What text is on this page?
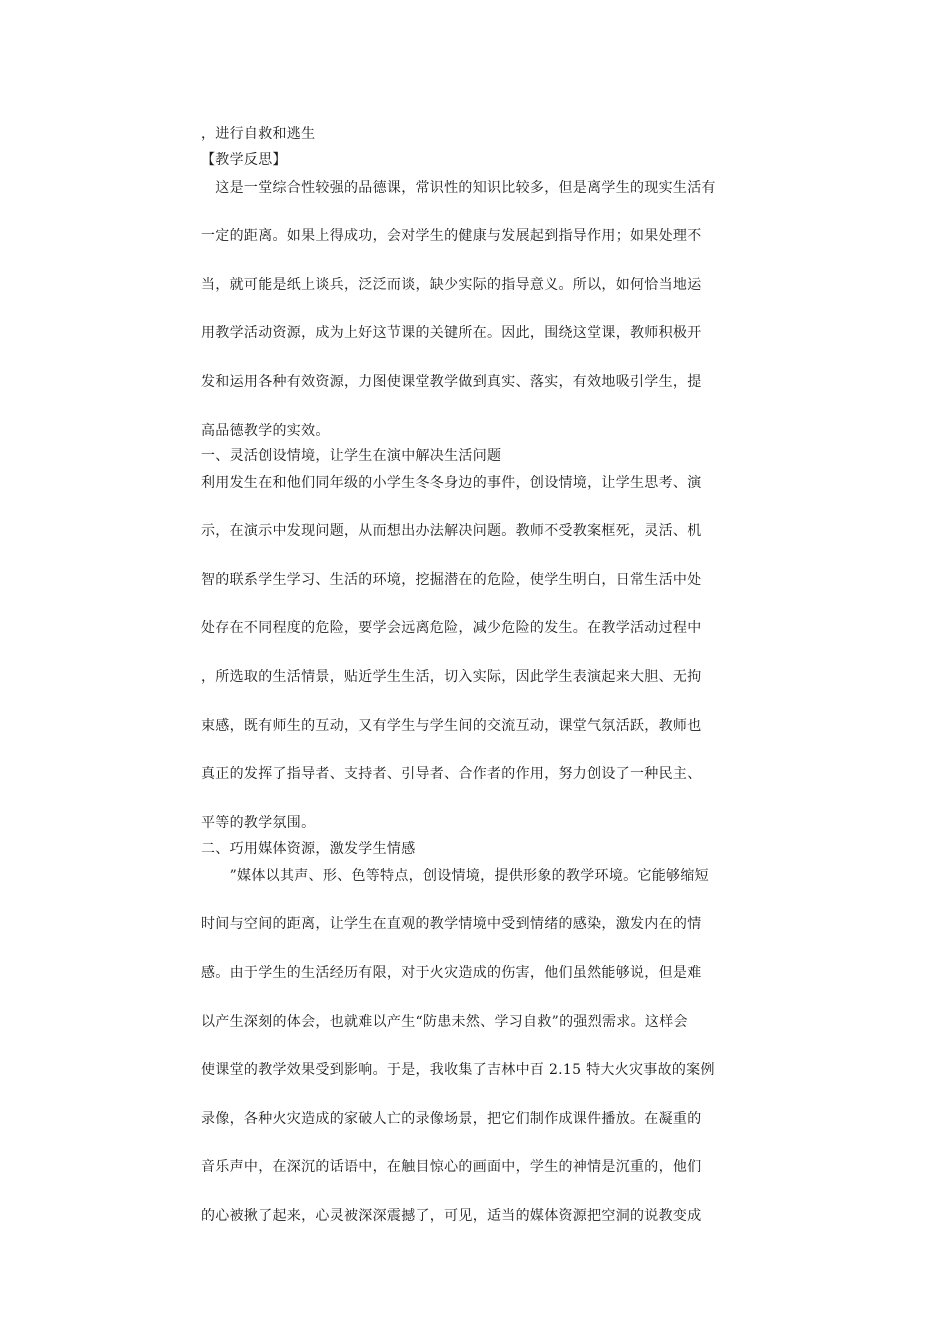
，进行自救和逃生
【教学反思】
　这是一堂综合性较强的品德课，常识性的知识比较多，但是离学生的现实生活有
一定的距离。如果上得成功，会对学生的健康与发展起到指导作用；如果处理不
当，就可能是纸上谈兵，泛泛而谈，缺少实际的指导意义。所以，如何恰当地运
用教学活动资源，成为上好这节课的关键所在。因此，围绕这堂课，教师积极开
发和运用各种有效资源，力图使课堂教学做到真实、落实，有效地吸引学生，提
高品德教学的实效。
一、灵活创设情境，让学生在演中解决生活问题
利用发生在和他们同年级的小学生冬冬身边的事件，创设情境，让学生思考、演
示，在演示中发现问题，从而想出办法解决问题。教师不受教案框死，灵活、机
智的联系学生学习、生活的环境，挖掘潜在的危险，使学生明白，日常生活中处
处存在不同程度的危险，要学会远离危险，减少危险的发生。在教学活动过程中
，所选取的生活情景，贴近学生生活，切入实际，因此学生表演起来大胆、无拘
束感，既有师生的互动，又有学生与学生间的交流互动，课堂气氛活跃，教师也
真正的发挥了指导者、支持者、引导者、合作者的作用，努力创设了一种民主、
平等的教学氛围。
二、巧用媒体资源，激发学生情感
　　”媒体以其声、形、色等特点，创设情境，提供形象的教学环境。它能够缩短
时间与空间的距离，让学生在直观的教学情境中受到情绪的感染，激发内在的情
感。由于学生的生活经历有限，对于火灾造成的伤害，他们虽然能够说，但是难
以产生深刻的体会，也就难以产生“防患未然、学习自救”的强烈需求。这样会
使课堂的教学效果受到影响。于是，我收集了吉林中百 2.15 特大火灾事故的案例
录像，各种火灾造成的家破人亡的录像场景，把它们制作成课件播放。在凝重的
音乐声中，在深沉的话语中，在触目惊心的画面中，学生的神情是沉重的，他们
的心被揪了起来，心灵被深深震撼了，可见，适当的媒体资源把空洞的说教变成
